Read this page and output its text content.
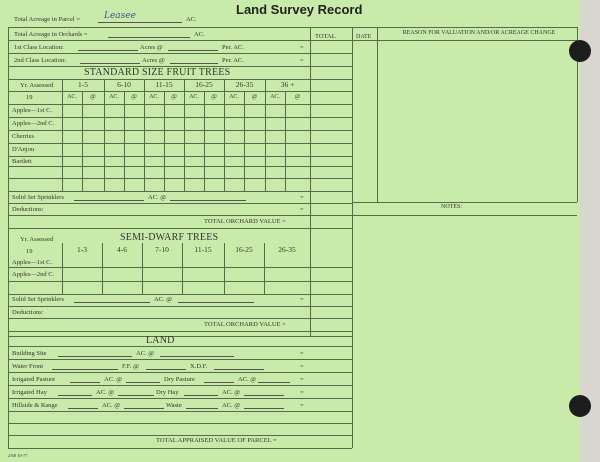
Land Survey Record
Total Acreage in Parcel =	Leasee	AC.
Total Acreage in Orchards =	AC.
1st Class Location:	Acres @	Per. AC.	=
2nd Class Location:	Acres @	Per. AC.	=
TOTAL	DATE
REASON FOR VALUATION AND/OR ACREAGE CHANGE
NOTES:
STANDARD SIZE FRUIT TREES
Yr. Assessed
19
1-5	6-10	11-15	16-25	26-35	36 +
AC.	@	AC.	@	AC.	@	AC.	@	AC.	@	AC.	@
Apples—1st C.
Apples—2nd C.
Cherries
D'Anjou
Bartlett
Solid Set Sprinklers	AC. @	=
Deductions:	=
TOTAL ORCHARD VALUE =
Yr. Assessed	SEMI-DWARF TREES
19	1-3	4-6	7-10	11-15	16-25	26-35
Apples—1st C.
Apples—2nd C.
Solid Set Sprinklers	AC. @	=
Deductions:
TOTAL ORCHARD VALUE =
LAND
Building Site	AC. @	=
Water Front	F.F. @	X.D.F.	=
Irrigated Pasture	AC. @	Dry Pasture	AC. @	=
Irrigated Hay	AC. @	Dry Hay	AC. @	=
Hillside & Range	AC. @	Waste	AC. @	=
TOTAL APPRAISED VALUE OF PARCEL =
2/68 10-77
